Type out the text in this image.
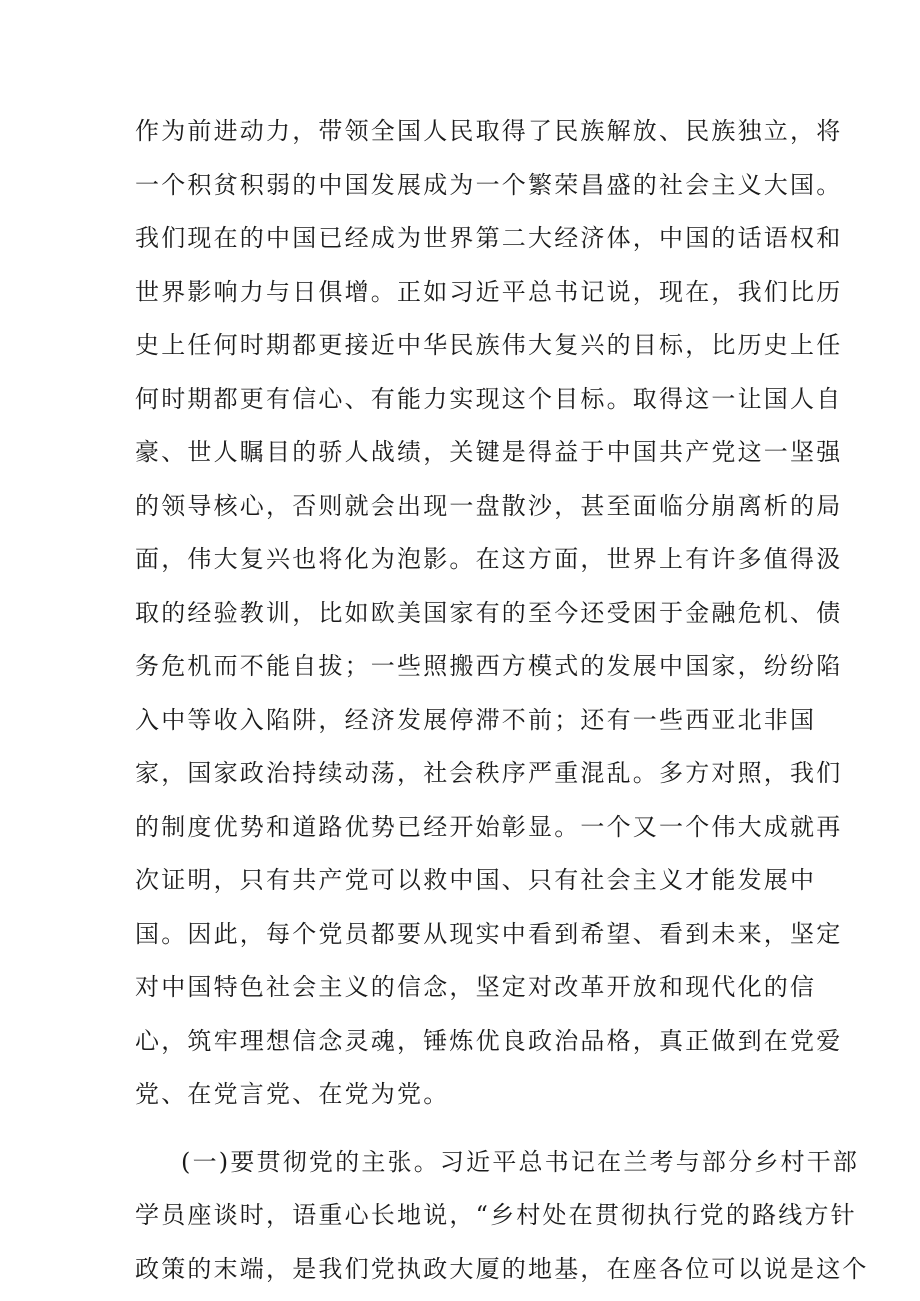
作为前进动力，带领全国人民取得了民族解放、民族独立，将
一个积贫积弱的中国发展成为一个繁荣昌盛的社会主义大国。
我们现在的中国已经成为世界第二大经济体，中国的话语权和
世界影响力与日俱增。正如习近平总书记说，现在，我们比历
史上任何时期都更接近中华民族伟大复兴的目标，比历史上任
何时期都更有信心、有能力实现这个目标。取得这一让国人自
豪、世人瞩目的骄人战绩，关键是得益于中国共产党这一坚强
的领导核心，否则就会出现一盘散沙，甚至面临分崩离析的局
面，伟大复兴也将化为泡影。在这方面，世界上有许多值得汲
取的经验教训，比如欧美国家有的至今还受困于金融危机、债
务危机而不能自拔；一些照搬西方模式的发展中国家，纷纷陷
入中等收入陷阱，经济发展停滞不前；还有一些西亚北非国
家，国家政治持续动荡，社会秩序严重混乱。多方对照，我们
的制度优势和道路优势已经开始彰显。一个又一个伟大成就再
次证明，只有共产党可以救中国、只有社会主义才能发展中
国。因此，每个党员都要从现实中看到希望、看到未来，坚定
对中国特色社会主义的信念，坚定对改革开放和现代化的信
心，筑牢理想信念灵魂，锤炼优良政治品格，真正做到在党爱
党、在党言党、在党为党。
(一)要贯彻党的主张。习近平总书记在兰考与部分乡村干部
学员座谈时，语重心长地说，“乡村处在贯彻执行党的路线方针
政策的末端，是我们党执政大厦的地基，在座各位可以说是这个
